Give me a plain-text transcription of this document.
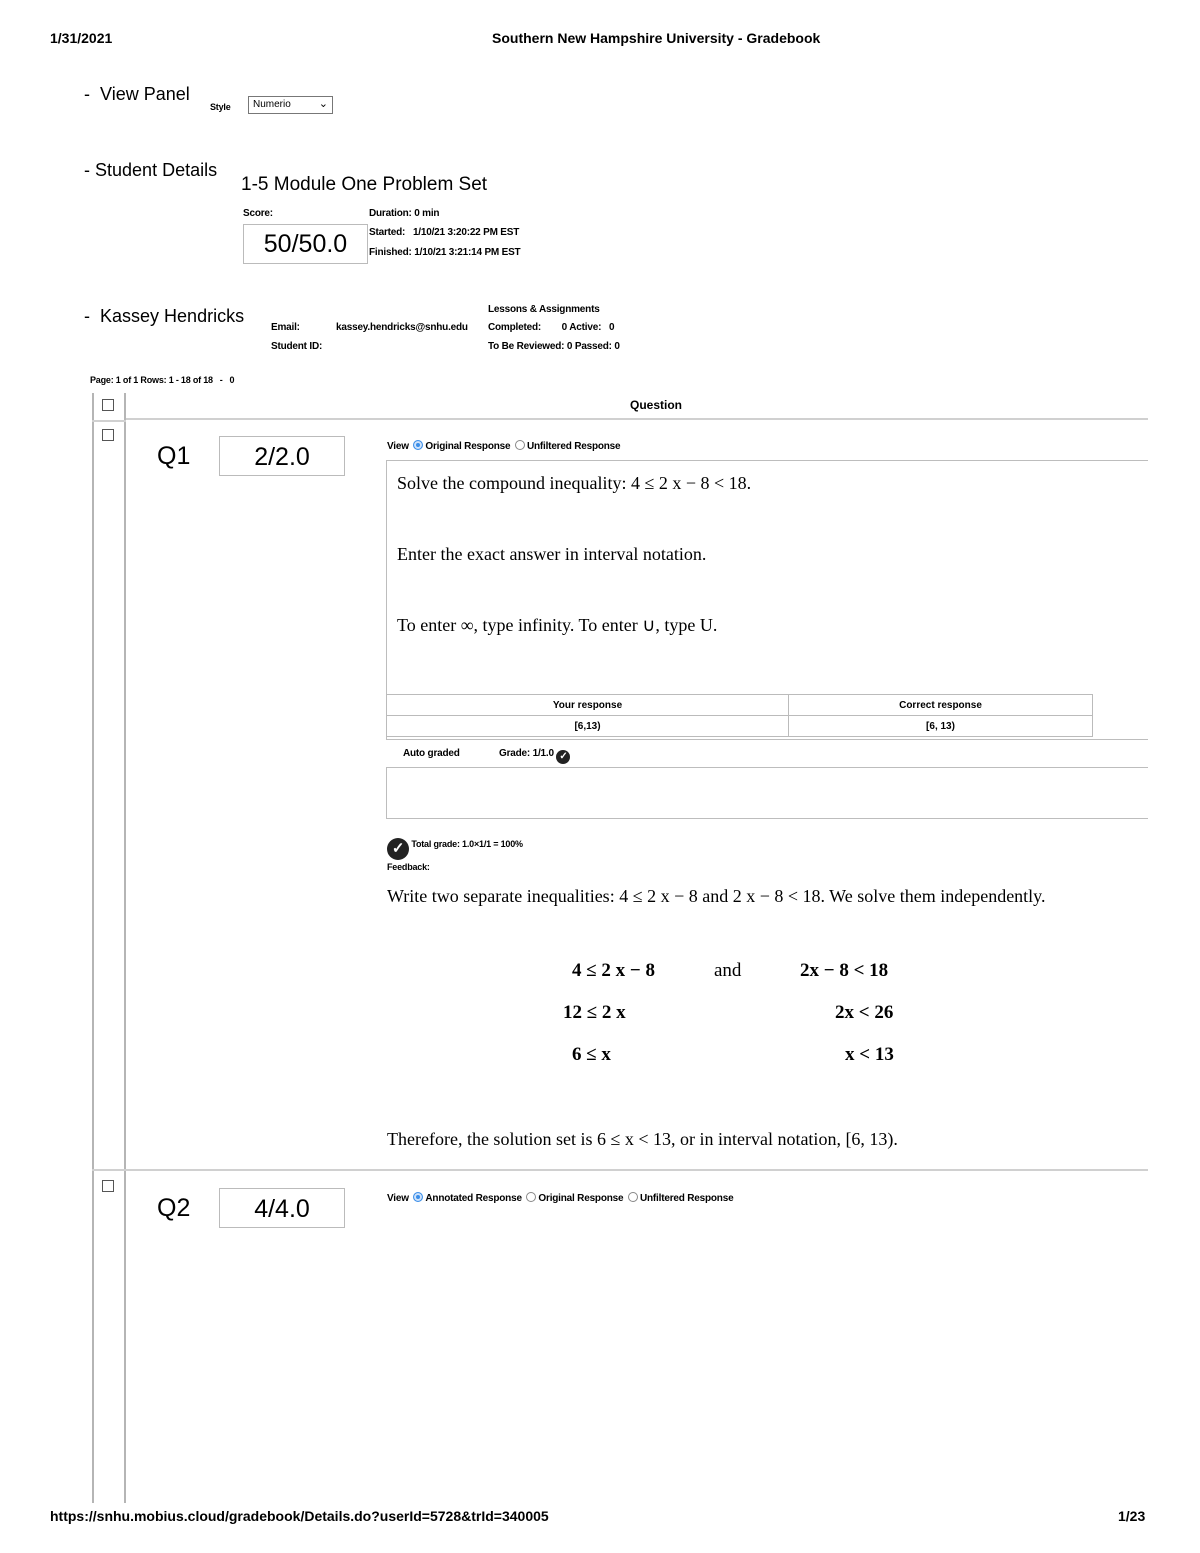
1/31/2021	Southern New Hampshire University - Gradebook
- View Panel
Style	Numerio	⌄
- Student Details
1-5 Module One Problem Set
Score:
50/50.0
Duration: 0 min
Started: 1/10/21 3:20:22 PM EST
Finished: 1/10/21 3:21:14 PM EST
- Kassey Hendricks	Lessons & Assignments
Email:	kassey.hendricks@snhu.edu	Completed: 0 Active: 0
Student ID:	To Be Reviewed: 0 Passed: 0
Page: 1 of 1 Rows: 1 - 18 of 18 - 0
Question
Q1	2/2.0	View Original Response Unfiltered Response
Solve the compound inequality: 4 ≤ 2 x − 8 < 18.
Enter the exact answer in interval notation.
To enter ∞, type infinity. To enter ∪, type U.
Your response	Correct response
[6,13)	[6, 13)
Auto graded	Grade: 1/1.0 ✓
✓ Total grade: 1.0×1/1 = 100%
Feedback:
Write two separate inequalities: 4 ≤ 2 x − 8 and 2 x − 8 < 18. We solve them independently.
4 ≤ 2 x − 8	and	2x − 8 < 18
12 ≤ 2 x	2x < 26
6 ≤ x	x < 13
Therefore, the solution set is 6 ≤ x < 13, or in interval notation, [6, 13).
Q2	4/4.0	View Annotated Response Original Response Unfiltered Response
https://snhu.mobius.cloud/gradebook/Details.do?userId=5728&trId=340005	1/23
